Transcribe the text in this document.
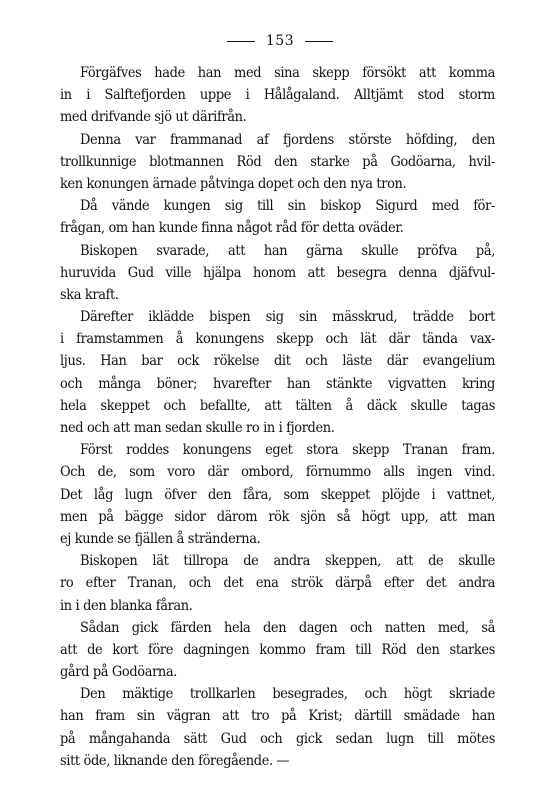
153
Förgäfves hade han med sina skepp försökt att komma
in i Salftefjorden uppe i Hålågaland. Alltjämt stod storm
med drifvande sjö ut därifrån.
Denna var frammanad af fjordens störste höfding, den
trollkunnige blotmannen Röd den starke på Godöarna, hvil-
ken konungen ärnade påtvinga dopet och den nya tron.
Då vände kungen sig till sin biskop Sigurd med för-
frågan, om han kunde finna något råd för detta oväder.
Biskopen svarade, att han gärna skulle pröfva på,
huruvida Gud ville hjälpa honom att besegra denna djäfvul-
ska kraft.
Därefter iklädde bispen sig sin mässkrud, trädde bort
i framstammen å konungens skepp och lät där tända vax-
ljus. Han bar ock rökelse dit och läste där evangelium
och många böner; hvarefter han stänkte vigvatten kring
hela skeppet och befallte, att tälten å däck skulle tagas
ned och att man sedan skulle ro in i fjorden.
Först roddes konungens eget stora skepp Tranan fram.
Och de, som voro där ombord, förnummo alls ingen vind.
Det låg lugn öfver den fåra, som skeppet plöjde i vattnet,
men på bägge sidor därom rök sjön så högt upp, att man
ej kunde se fjällen å stränderna.
Biskopen lät tillropa de andra skeppen, att de skulle
ro efter Tranan, och det ena strök därpå efter det andra
in i den blanka fåran.
Sådan gick färden hela den dagen och natten med, så
att de kort före dagningen kommo fram till Röd den starkes
gård på Godöarna.
Den mäktige trollkarlen besegrades, och högt skriade
han fram sin vägran att tro på Krist; därtill smädade han
på mångahanda sätt Gud och gick sedan lugn till mötes
sitt öde, liknande den föregående. —
